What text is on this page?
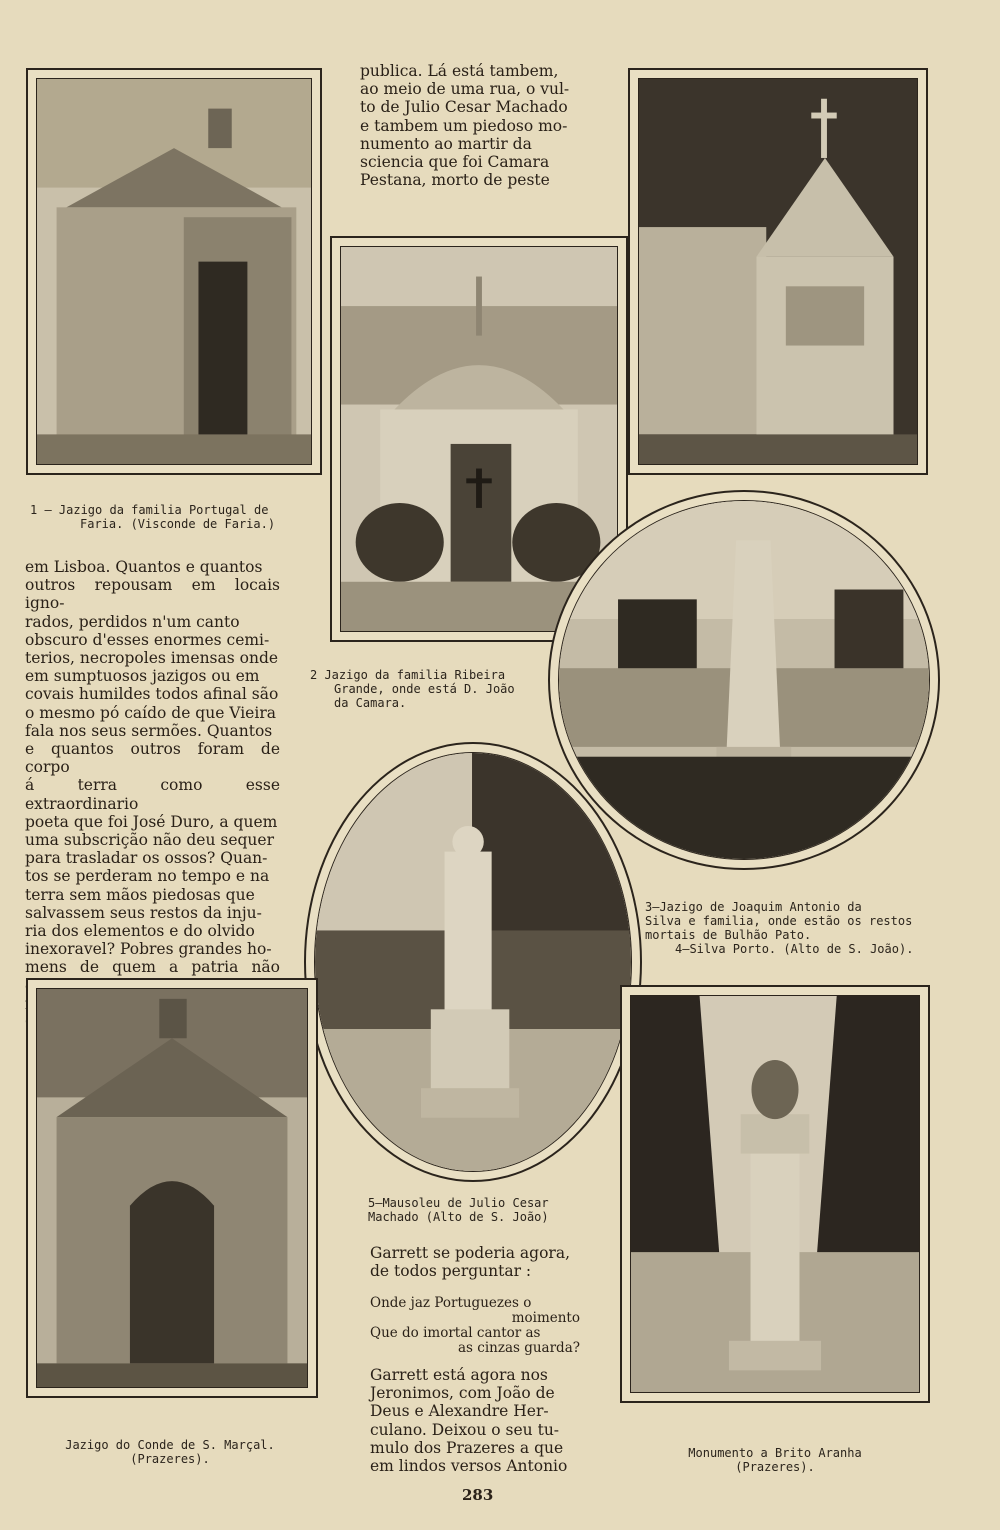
publica. Lá está tambem,

ao meio de uma rua, o vul-

to de Julio Cesar Machado

e tambem um piedoso mo-

numento ao martir da

sciencia que foi Camara

Pestana, morto de peste

1 — Jazigo da familia Portugal de
Faria. (Visconde de Faria.)

em Lisboa. Quantos e quantos

outros repousam em locais igno-

rados, perdidos n'um canto

obscuro d'esses enormes cemi-

terios, necropoles imensas onde

em sumptuosos jazigos ou em

covais humildes todos afinal são

o mesmo pó caído de que Vieira

fala nos seus sermões. Quantos

e quantos outros foram de corpo

á terra como esse extraordinario

poeta que foi José Duro, a quem

uma subscrição não deu sequer

para trasladar os ossos? Quan-

tos se perderam no tempo e na

terra sem mãos piedosas que

salvassem seus restos da inju-

ria dos elementos e do olvido

inexoravel? Pobres grandes ho-

mens de quem a patria não

2 Jazigo da familia Ribeira
Grande, onde está D. João
da Camara.
3—Jazigo de Joaquim Antonio da
Silva e familia, onde estão os restos
mortais de Bulhão Pato.
4—Silva Porto. (Alto de S. João).
5—Mausoleu de Julio Cesar
Machado (Alto de S. João)

Garrett se poderia agora,

de todos perguntar :

Onde jaz Portuguezes o
moimento
Que do imortal cantor as
as cinzas guarda?

Garrett está agora nos

Jeronimos, com João de

Deus e Alexandre Her-

culano. Deixou o seu tu-

mulo dos Prazeres a que

em lindos versos Antonio

Jazigo do Conde de S. Marçal.
(Prazeres).	Monumento a Brito Aranha
(Prazeres).
283
